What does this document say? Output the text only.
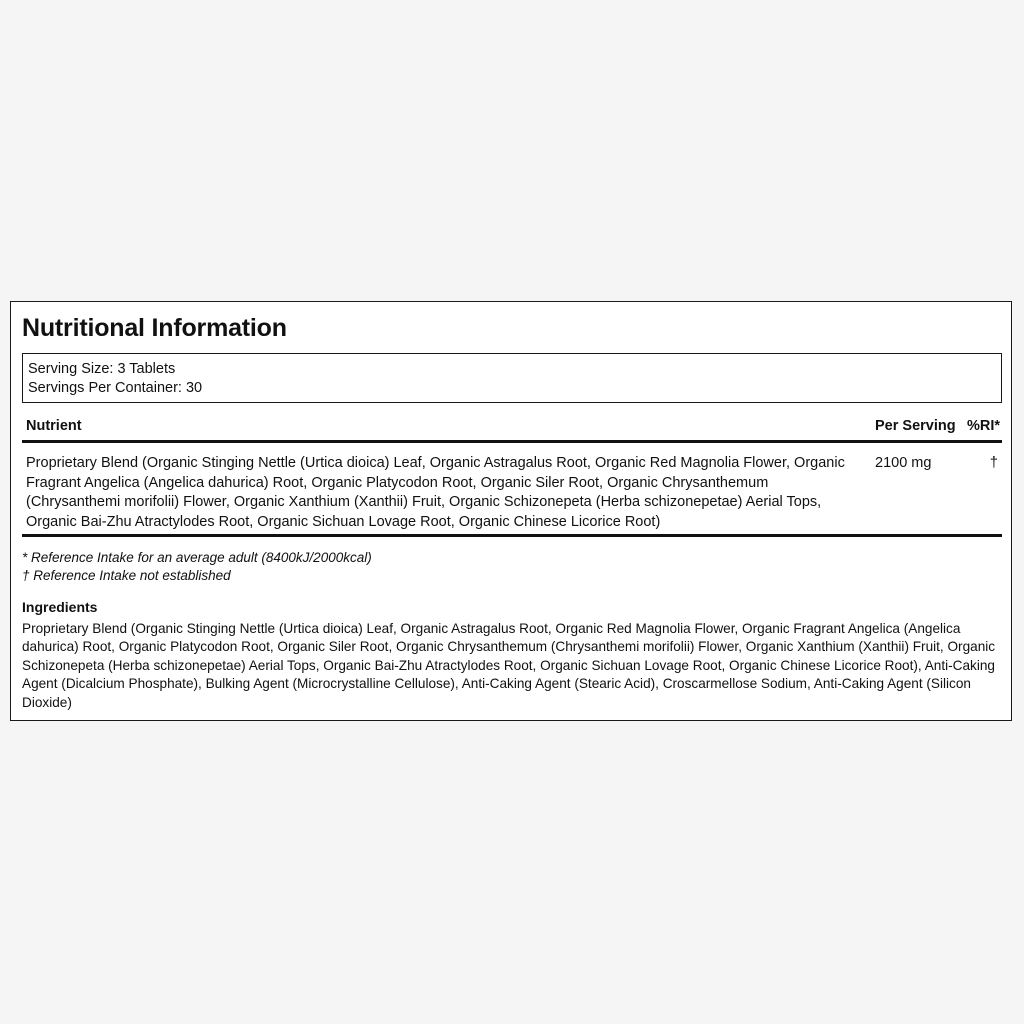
Nutritional Information
Serving Size: 3 Tablets
Servings Per Container: 30
Nutrient	Per Serving %RI*
Proprietary Blend (Organic Stinging Nettle (Urtica dioica) Leaf, Organic Astragalus Root, Organic Red Magnolia Flower, Organic Fragrant Angelica (Angelica dahurica) Root, Organic Platycodon Root, Organic Siler Root, Organic Chrysanthemum (Chrysanthemi morifolii) Flower, Organic Xanthium (Xanthii) Fruit, Organic Schizonepeta (Herba schizonepetae) Aerial Tops, Organic Bai-Zhu Atractylodes Root, Organic Sichuan Lovage Root, Organic Chinese Licorice Root)
2100 mg	†
* Reference Intake for an average adult (8400kJ/2000kcal)
† Reference Intake not established
Ingredients
Proprietary Blend (Organic Stinging Nettle (Urtica dioica) Leaf, Organic Astragalus Root, Organic Red Magnolia Flower, Organic Fragrant Angelica (Angelica dahurica) Root, Organic Platycodon Root, Organic Siler Root, Organic Chrysanthemum (Chrysanthemi morifolii) Flower, Organic Xanthium (Xanthii) Fruit, Organic Schizonepeta (Herba schizonepetae) Aerial Tops, Organic Bai-Zhu Atractylodes Root, Organic Sichuan Lovage Root, Organic Chinese Licorice Root), Anti-Caking Agent (Dicalcium Phosphate), Bulking Agent (Microcrystalline Cellulose), Anti-Caking Agent (Stearic Acid), Croscarmellose Sodium, Anti-Caking Agent (Silicon Dioxide)
